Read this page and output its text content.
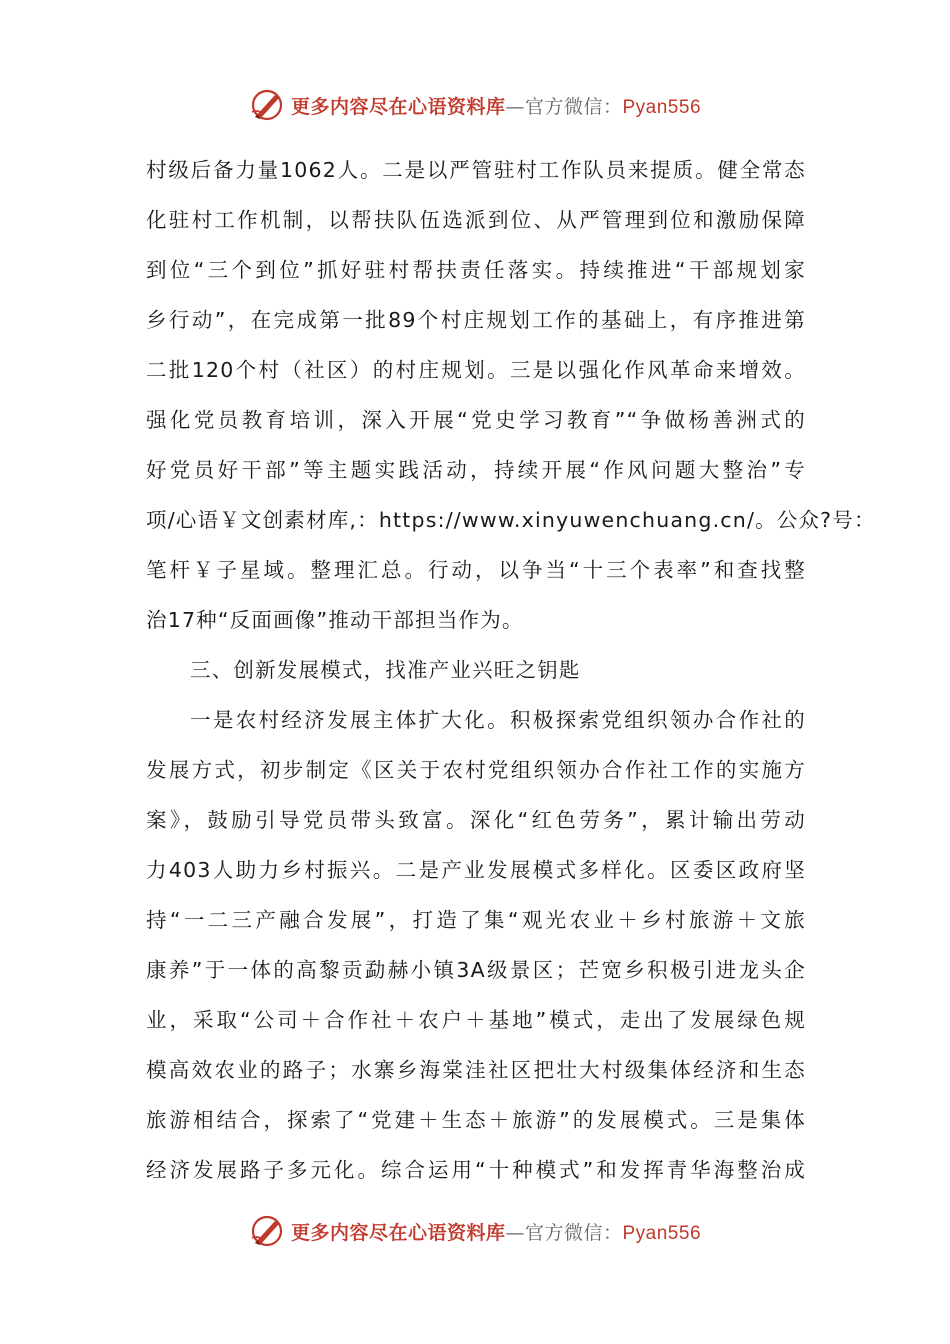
更多内容尽在心语资料库—官方微信：Pyan556
村级后备力量1062人。二是以严管驻村工作队员来提质。健全常态
化驻村工作机制，以帮扶队伍选派到位、从严管理到位和激励保障
到位“三个到位”抓好驻村帮扶责任落实。持续推进“干部规划家
乡行动”，在完成第一批89个村庄规划工作的基础上，有序推进第
二批120个村（社区）的村庄规划。三是以强化作风革命来增效。
强化党员教育培训，深入开展“党史学习教育”“争做杨善洲式的
好党员好干部”等主题实践活动，持续开展“作风问题大整治”专
项/心语￥文创素材库,：https://www.xinyuwenchuang.cn/。公众?号：
笔杆￥子星域。整理汇总。行动，以争当“十三个表率”和查找整
治17种“反面画像”推动干部担当作为。
三、创新发展模式，找准产业兴旺之钥匙
一是农村经济发展主体扩大化。积极探索党组织领办合作社的
发展方式，初步制定《区关于农村党组织领办合作社工作的实施方
案》，鼓励引导党员带头致富。深化“红色劳务”，累计输出劳动
力403人助力乡村振兴。二是产业发展模式多样化。区委区政府坚
持“一二三产融合发展”，打造了集“观光农业＋乡村旅游＋文旅
康养”于一体的高黎贡勐赫小镇3A级景区；芒宽乡积极引进龙头企
业，采取“公司＋合作社＋农户＋基地”模式，走出了发展绿色规
模高效农业的路子；水寨乡海棠洼社区把壮大村级集体经济和生态
旅游相结合，探索了“党建＋生态＋旅游”的发展模式。三是集体
经济发展路子多元化。综合运用“十种模式”和发挥青华海整治成
更多内容尽在心语资料库—官方微信：Pyan556
